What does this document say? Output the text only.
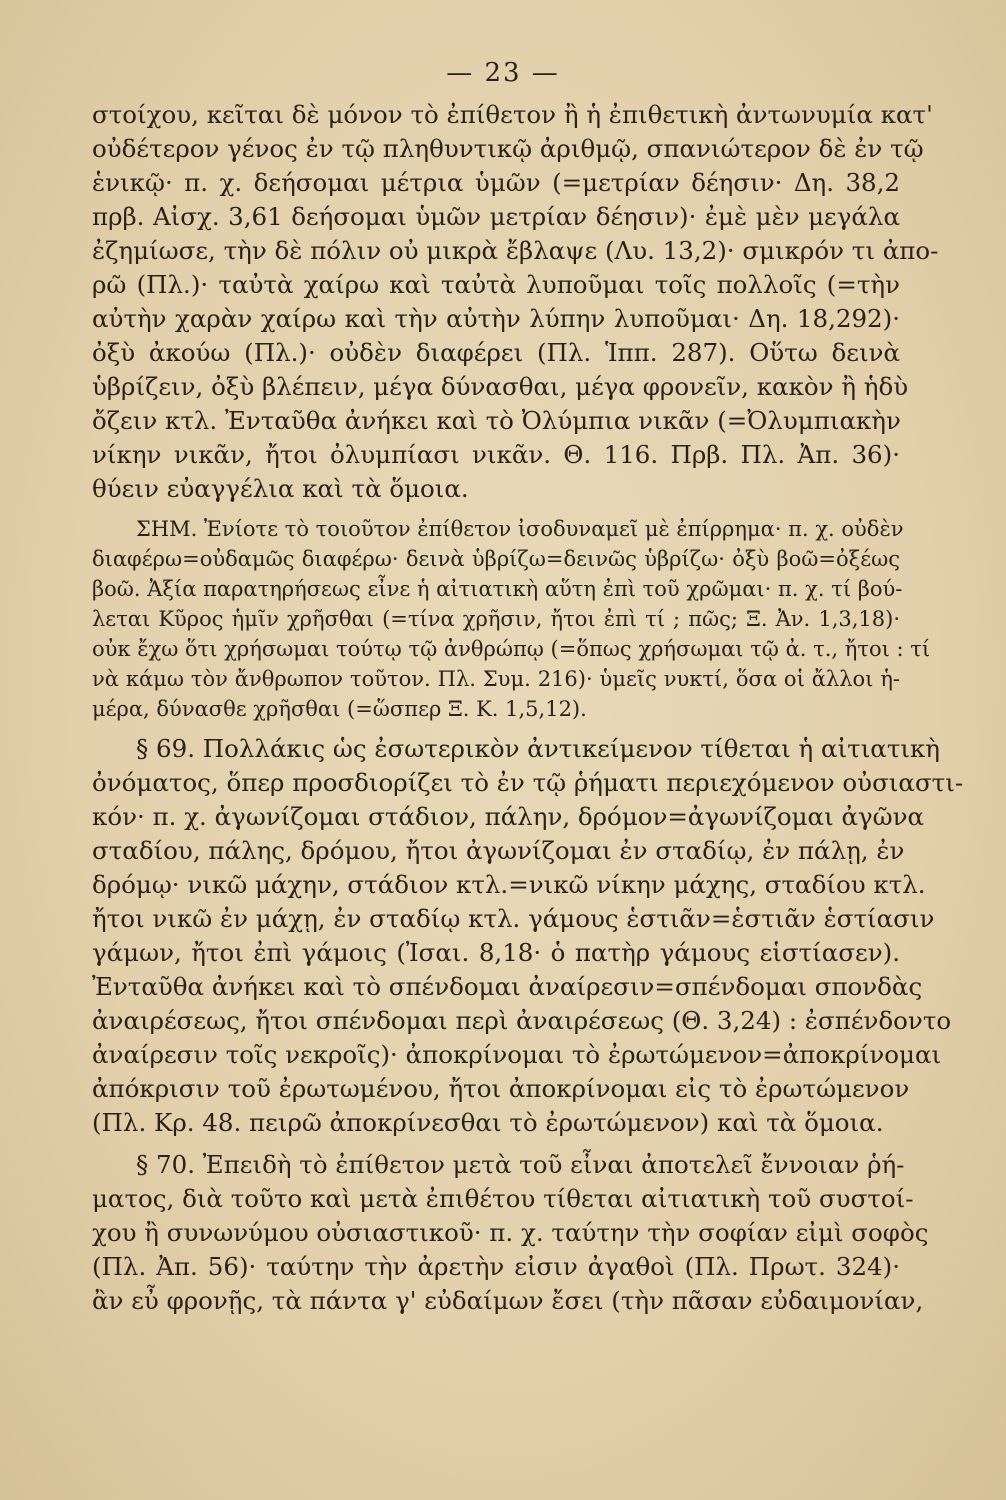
— 23 —
στοίχου, κεῖται δὲ μόνον τὸ ἐπίθετον ἢ ἡ ἐπιθετικὴ ἀντωνυμία κατ'
οὐδέτερον γένος ἐν τῷ πληθυντικῷ ἀριθμῷ, σπανιώτερον δὲ ἐν τῷ
ἑνικῷ· π. χ. δεήσομαι μέτρια ὑμῶν (=μετρίαν δέησιν· Δη. 38,2
πρβ. Αἰσχ. 3,61 δεήσομαι ὑμῶν μετρίαν δέησιν)· ἐμὲ μὲν μεγάλα
ἐζημίωσε, τὴν δὲ πόλιν οὐ μικρὰ ἔβλαψε (Λυ. 13,2)· σμικρόν τι ἀπο-
ρῶ (Πλ.)· ταὐτὰ χαίρω καὶ ταὐτὰ λυποῦμαι τοῖς πολλοῖς (=τὴν
αὐτὴν χαρὰν χαίρω καὶ τὴν αὐτὴν λύπην λυποῦμαι· Δη. 18,292)·
ὀξὺ ἀκούω (Πλ.)· οὐδὲν διαφέρει (Πλ. Ἱππ. 287). Οὕτω δεινὰ
ὑβρίζειν, ὀξὺ βλέπειν, μέγα δύνασθαι, μέγα φρονεῖν, κακὸν ἢ ἡδὺ
ὄζειν κτλ. Ἐνταῦθα ἀνήκει καὶ τὸ Ὀλύμπια νικᾶν (=Ὀλυμπιακὴν
νίκην νικᾶν, ἤτοι ὀλυμπίασι νικᾶν. Θ. 116. Πρβ. Πλ. Ἀπ. 36)·
θύειν εὐαγγέλια καὶ τὰ ὅμοια.
ΣΗΜ. Ἐνίοτε τὸ τοιοῦτον ἐπίθετον ἰσοδυναμεῖ μὲ ἐπίρρημα· π. χ. οὐδὲν
διαφέρω=οὐδαμῶς διαφέρω· δεινὰ ὑβρίζω=δεινῶς ὑβρίζω· ὀξὺ βοῶ=ὀξέως
βοῶ. Ἀξία παρατηρήσεως εἶνε ἡ αἰτιατικὴ αὕτη ἐπὶ τοῦ χρῶμαι· π. χ. τί βού-
λεται Κῦρος ἡμῖν χρῆσθαι (=τίνα χρῆσιν, ἤτοι ἐπὶ τί ; πῶς; Ξ. Ἀν. 1,3,18)·
οὐκ ἔχω ὅτι χρήσωμαι τούτῳ τῷ ἀνθρώπῳ (=ὅπως χρήσωμαι τῷ ἀ. τ., ἤτοι : τί
νὰ κάμω τὸν ἄνθρωπον τοῦτον. Πλ. Συμ. 216)· ὑμεῖς νυκτί, ὅσα οἱ ἄλλοι ἡ-
μέρα, δύνασθε χρῆσθαι (=ὥσπερ Ξ. Κ. 1,5,12).
§ 69. Πολλάκις ὡς ἐσωτερικὸν ἀντικείμενον τίθεται ἡ αἰτιατικὴ
ὀνόματος, ὅπερ προσδιορίζει τὸ ἐν τῷ ῥήματι περιεχόμενον οὐσιαστι-
κόν· π. χ. ἀγωνίζομαι στάδιον, πάλην, δρόμον=ἀγωνίζομαι ἀγῶνα
σταδίου, πάλης, δρόμου, ἤτοι ἀγωνίζομαι ἐν σταδίῳ, ἐν πάλῃ, ἐν
δρόμῳ· νικῶ μάχην, στάδιον κτλ.=νικῶ νίκην μάχης, σταδίου κτλ.
ἤτοι νικῶ ἐν μάχῃ, ἐν σταδίῳ κτλ. γάμους ἑστιᾶν=ἑστιᾶν ἑστίασιν
γάμων, ἤτοι ἐπὶ γάμοις (Ἰσαι. 8,18· ὁ πατὴρ γάμους εἱστίασεν).
Ἐνταῦθα ἀνήκει καὶ τὸ σπένδομαι ἀναίρεσιν=σπένδομαι σπονδὰς
ἀναιρέσεως, ἤτοι σπένδομαι περὶ ἀναιρέσεως (Θ. 3,24) : ἐσπένδοντο
ἀναίρεσιν τοῖς νεκροῖς)· ἀποκρίνομαι τὸ ἐρωτώμενον=ἀποκρίνομαι
ἀπόκρισιν τοῦ ἐρωτωμένου, ἤτοι ἀποκρίνομαι εἰς τὸ ἐρωτώμενον
(Πλ. Κρ. 48. πειρῶ ἀποκρίνεσθαι τὸ ἐρωτώμενον) καὶ τὰ ὅμοια.
§ 70. Ἐπειδὴ τὸ ἐπίθετον μετὰ τοῦ εἶναι ἀποτελεῖ ἔννοιαν ῥή-
ματος, διὰ τοῦτο καὶ μετὰ ἐπιθέτου τίθεται αἰτιατικὴ τοῦ συστοί-
χου ἢ συνωνύμου οὐσιαστικοῦ· π. χ. ταύτην τὴν σοφίαν εἰμὶ σοφὸς
(Πλ. Ἀπ. 56)· ταύτην τὴν ἀρετὴν εἰσιν ἀγαθοὶ (Πλ. Πρωτ. 324)·
ἂν εὖ φρονῇς, τὰ πάντα γ' εὐδαίμων ἔσει (τὴν πᾶσαν εὐδαιμονίαν,
